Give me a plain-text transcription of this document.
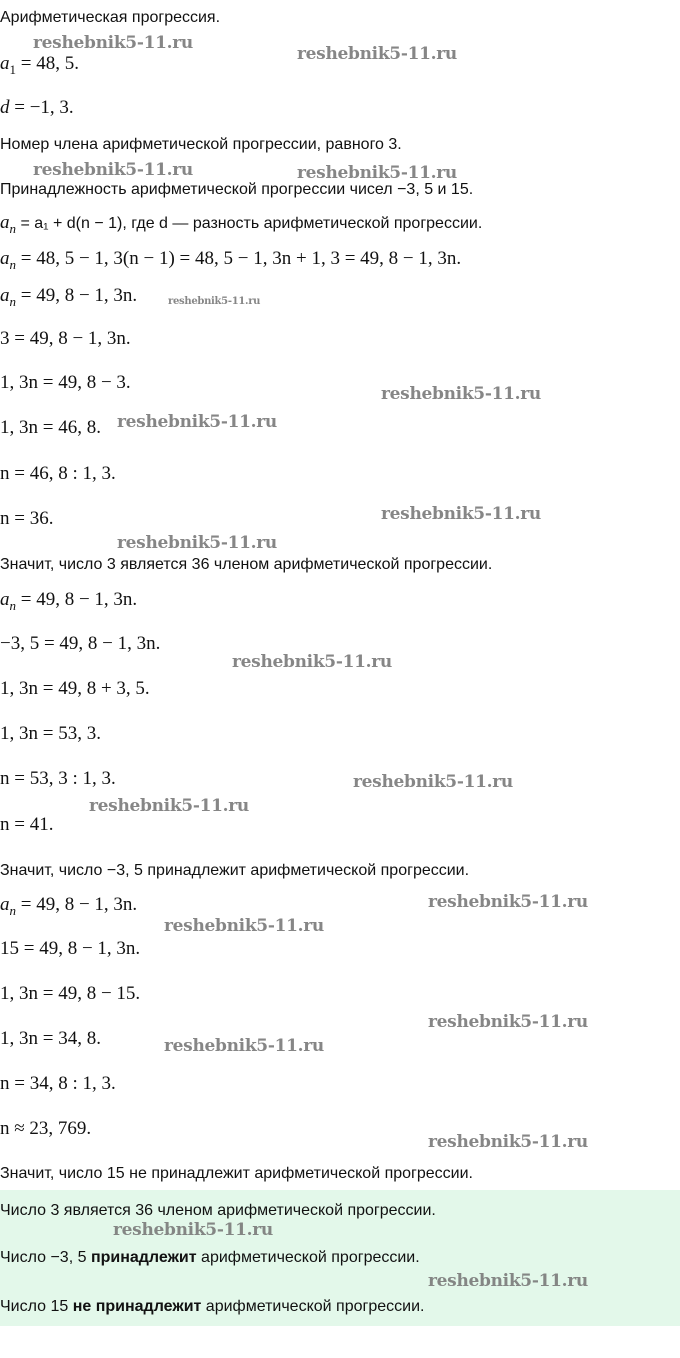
Арифметическая прогрессия.
$a_1 = 48$, 5.
d = −1, 3.
Номер члена арифметической прогрессии, равного 3.
Принадлежность арифметической прогрессии чисел −3, 5 и 15.
$a_n = a_1 + d(n - 1)$, где d — разность арифметической прогрессии.
$a_n = 48$, 5 − 1, 3(n − 1) = 48, 5 − 1, 3n + 1, 3 = 49, 8 − 1, 3n.
$a_n = 49$, 8 − 1, 3n.
3 = 49, 8 − 1, 3n.
1, 3n = 49, 8 − 3.
1, 3n = 46, 8.
n = 46, 8 : 1, 3.
n = 36.
Значит, число 3 является 36 членом арифметической прогрессии.
$a_n = 49$, 8 − 1, 3n.
−3, 5 = 49, 8 − 1, 3n.
1, 3n = 49, 8 + 3, 5.
1, 3n = 53, 3.
n = 53, 3 : 1, 3.
n = 41.
Значит, число −3, 5 принадлежит арифметической прогрессии.
$a_n = 49$, 8 − 1, 3n.
15 = 49, 8 − 1, 3n.
1, 3n = 49, 8 − 15.
1, 3n = 34, 8.
n = 34, 8 : 1, 3.
n ≈ 23, 769.
Значит, число 15 не принадлежит арифметической прогрессии.
Число 3 является 36 членом арифметической прогрессии.
Число −3, 5 принадлежит арифметической прогрессии.
Число 15 не принадлежит арифметической прогрессии.
reshebnik5-11.ru
reshebnik5-11.ru
reshebnik5-11.ru	reshebnik5-11.ru
reshebnik5-11.ru
reshebnik5-11.ru
reshebnik5-11.ru
reshebnik5-11.ru
reshebnik5-11.ru
reshebnik5-11.ru
reshebnik5-11.ru
reshebnik5-11.ru
reshebnik5-11.ru
reshebnik5-11.ru
reshebnik5-11.ru
reshebnik5-11.ru
reshebnik5-11.ru
reshebnik5-11.ru
reshebnik5-11.ru
